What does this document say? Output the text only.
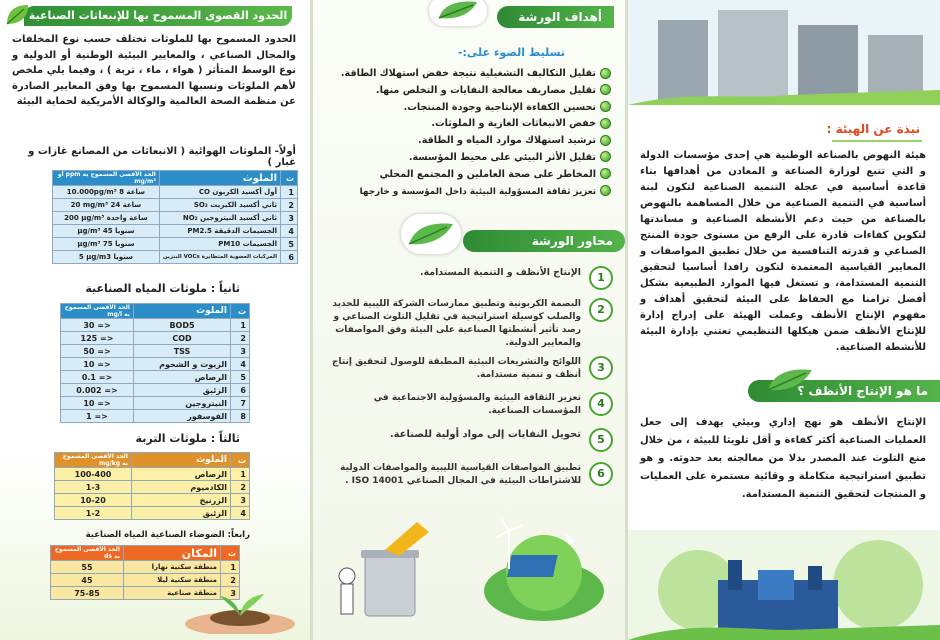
الحدود القصوى المسموح بها للإنبعاثات الصناعية

الحدود المسموح بها للملوثات تختلف حسب نوع المخلفات والمجال الصناعي ، والمعايير البيئية الوطنية أو الدولية و نوع الوسط المتأثر ( هواء ، ماء ، تربة ) ، وفيما يلي ملخص لأهم الملوثات ونسبها المسموح بها وفق المعايير الصادرة عن منظمة الصحة العالمية والوكالة الأمريكية لحماية البيئة

أولاً- الملوثات الهوائية ( الانبعاثات من المصانع غازات و غبار )
ت	الملوث	الحد الأقصى المسموح به ppm أو mg/m³
1	أول أكسيد الكربون CO	10.000pg/m³ 8 ساعة
2	ثاني أكسيد الكبريت SO₂	20 mg/m³ 24 ساعة
3	ثاني أكسيد النيتروجين NO₂	200 µg/m³ ساعة واحدة
4	الجسيمات الدقيقة PM2.5	µg/m³ 45 سنويا
5	الجسيمات PM10	µg/m³ 75 سنويا
6	المركبات العضوية المتطايرة VOCs البنزين	5 µg/m3 سنويا
ثانياً : ملوثات المياه الصناعية
ت	الملوث	الحد الأقصى المسموح به mg/l
1	BOD5	30 =>
2	COD	125 =>
3	TSS	50 =>
4	الزيوت و الشحوم	10 =>
5	الرصاص	0.1 =>
6	الزئبق	0.002 =>
7	النيتروجين	10 =>
8	الفوسفور	1 =>
ثالثاً : ملوثات التربة
ت	الملوث	الحد الأقصى المسموح به mg/kg
1	الرصاص	100-400
2	الكادميوم	1-3
3	الزرنيخ	10-20
4	الزئبق	1-2
رابعاً: الضوضاء الصناعية المياه الصناعية
ت	المكان	الحد الأقصى المسموح به ds
1	منطقة سكنية نهارا	55
2	منطقة سكنية ليلا	45
3	منطقة صناعية	75-85
أهداف الورشة
تسليط الضوء على:-
تقليل التكاليف التشغيلية نتيجة خفض استهلاك الطاقة.
تقليل مصاريف معالجة النفايات و التخلص منها.
تحسين الكفاءة الإنتاجية وجودة المنتجات.
خفض الانبعاثات الغازية و الملوثات.
ترشيد استهلاك موارد المياه و الطاقة.
تقليل الأثر البيئي على محيط المؤسسة.
المخاطر على صحة العاملين و المجتمع المحلي
تعزيز ثقافة المسؤولية البيئية داخل المؤسسة و خارجها
محاور الورشة
1
الإنتاج الأنظف و التنمية المستدامة.
2
البصمة الكربونية وتطبيق ممارسات الشركة الليبية للحديد والصلب كوسيلة استراتيجية في تقليل التلوث الصناعي و رصد تأثير أنشطتها الصناعية على البيئة وفق المواصفات والمعايير الدولية.
3
اللوائح والتشريعات البيئية المطبقة للوصول لتحقيق إنتاج أنظف و تنمية مستدامة.
4
تعزيز الثقافة البيئية والمسؤولية الاجتماعية في المؤسسات الصناعية.
5
تحويل النفايات إلى مواد أولية للصناعة.
6
تطبيق المواصفات القياسية الليبية والمواصفات الدولية للاشتراطات البيئية في المجال الصناعي ISO 14001 .
نبذة عن الهيئة :

هيئة النهوض بالصناعة الوطنية هي إحدى مؤسسات الدولة و التي تتبع لوزارة الصناعة و المعادن من أهدافها بناء قاعدة أساسية في عجلة التنمية الصناعية لتكون لبنة أساسية في التنمية الصناعية من خلال المساهمة بالنهوض بالصناعة من حيث دعم الأنشطة الصناعية و مساندتها لتكوين كفاءات قادرة على الرفع من مستوى جودة المنتج الصناعي و قدرته التنافسية من خلال تطبيق المواصفات و المعايير القياسية المعتمدة لتكون رافدا أساسيا لتحقيق التنمية المستدامة، و تستغل فيها الموارد الطبيعية بشكل أفضل تزامنا مع الحفاظ على البيئة لتحقيق أهداف و مفهوم الإنتاج الأنظف وعملت الهيئة على إدراج إدارة للإنتاج الأنظف ضمن هيكلها التنظيمي تعتني بإدارة البيئة للأنشطة الصناعية.

ما هو الإنتاج الأنظف ؟

الإنتاج الأنظف هو نهج إداري وبيئي يهدف إلى جعل العمليات الصناعية أكثر كفاءة و أقل تلويثا للبيئة ، من خلال منع التلوث عند المصدر بدلا من معالجته بعد حدوثه. و هو تطبيق استراتيجية متكاملة و وقائية مستمرة على العمليات و المنتجات لتحقيق التنمية المستدامة.
